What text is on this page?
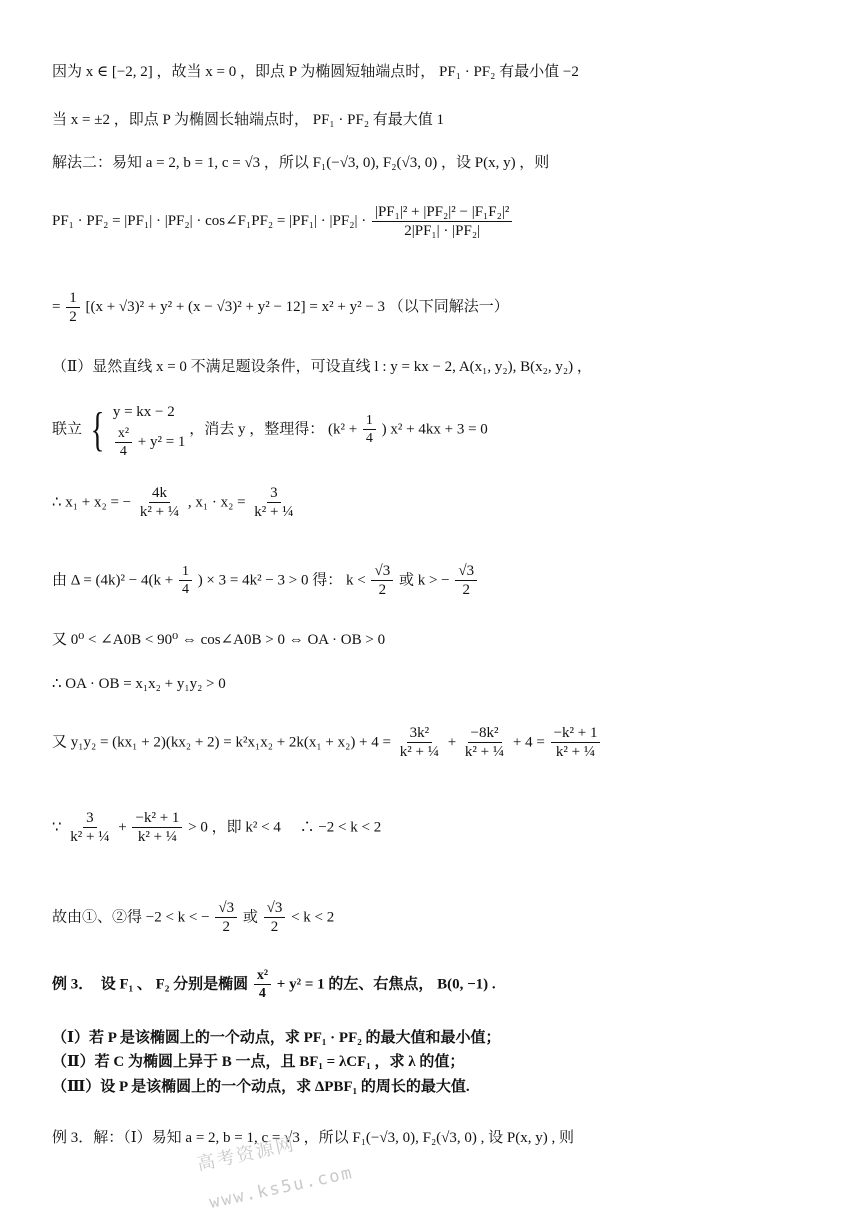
因为 x ∈ [−2, 2] ，故当 x = 0 ，即点 P 为椭圆短轴端点时， PF₁ · PF₂ 有最小值 −2
当 x = ±2 ，即点 P 为椭圆长轴端点时， PF₁ · PF₂ 有最大值 1
解法二：易知 a = 2, b = 1, c = √3 ，所以 F₁(−√3, 0), F₂(√3, 0) ，设 P(x, y) ，则
PF₁ · PF₂ = |PF₁| · |PF₂| · cos∠F₁PF₂ = $|PF_1| \cdot |PF_2| \cdot \frac{\text{|PF₁|² + |PF₂|² − |F₁F₂|²}}{\text{2|PF₁| · |PF₂|}}$
= $\frac{1}{2} [(x + √3)^2 + y^2 + (x - √3)^2 + y^2 - 12] = x^2 + y^2 - 3$ （以下同解法一）
（Ⅱ）显然直线 x = 0 不满足题设条件，可设直线 l : y = kx − 2, A(x₁, y₂), B(x₂, y₂) ，
联立 { y = kx − 2
$\frac{\text{x²}}{4} + y^2 = 1$
，消去 y ，整理得： ($k^2 + \frac{1}{4}$ ) x² + 4kx + 3 = 0
∴ x₁ + x₂ = − $\frac{4k}{\text{k² + ¼}}$ , $x_1 \cdot x_2 = \frac{3}{\text{k² + ¼}}$
由 $\Delta = (4k)^2 - 4(k + \frac{1}{4}$ ) × 3 = 4k² − 3 > 0 得： $k < \frac{√3}{2}$ 或 k > − $\frac{√3}{2}$
又 0⁰ < ∠A0B < 90⁰ ⇔ cos∠A0B > 0 ⇔ OA · OB > 0
∴ OA · OB = x₁x₂ + y₁y₂ > 0
又 $y_1y_2 = (kx_1 + 2)(kx_2 + 2) = k^2x_1x_2 + 2k(x_1 + x_2) + 4 = \frac{\text{3k²}}{\text{k² + ¼}} + \frac{\text{−8k²}}{\text{k² + ¼}} + 4 = \frac{\text{−k² + 1}}{\text{k² + ¼}}$
∵ $\frac{3}{\text{k² + ¼}} + \frac{\text{−k² + 1}}{\text{k² + ¼}} > 0$ ，即 k² < 4 　∴ −2 < k < 2
故由①、②得 −2 < k < − $\frac{√3}{2}$ 或 $\frac{√3}{2} < k < 2$
例 3．　设 F₁ 、 F₂ 分别是椭圆 $\frac{\text{x²}}{4} + y^2 = 1$ 的左、右焦点， B(0, −1) .
（Ⅰ）若 P 是该椭圆上的一个动点，求 PF₁ · PF₂ 的最大值和最小值；
（Ⅱ）若 C 为椭圆上异于 B 一点，且 BF₁ = λCF₁ ，求 λ 的值；
（Ⅲ）设 P 是该椭圆上的一个动点，求 ΔPBF₁ 的周长的最大值.
例 3．解：（Ⅰ）易知 a = 2, b = 1, c = √3 ，所以 F₁(−√3, 0), F₂(√3, 0) , 设 P(x, y) , 则
高考资源网
www.ks5u.com
